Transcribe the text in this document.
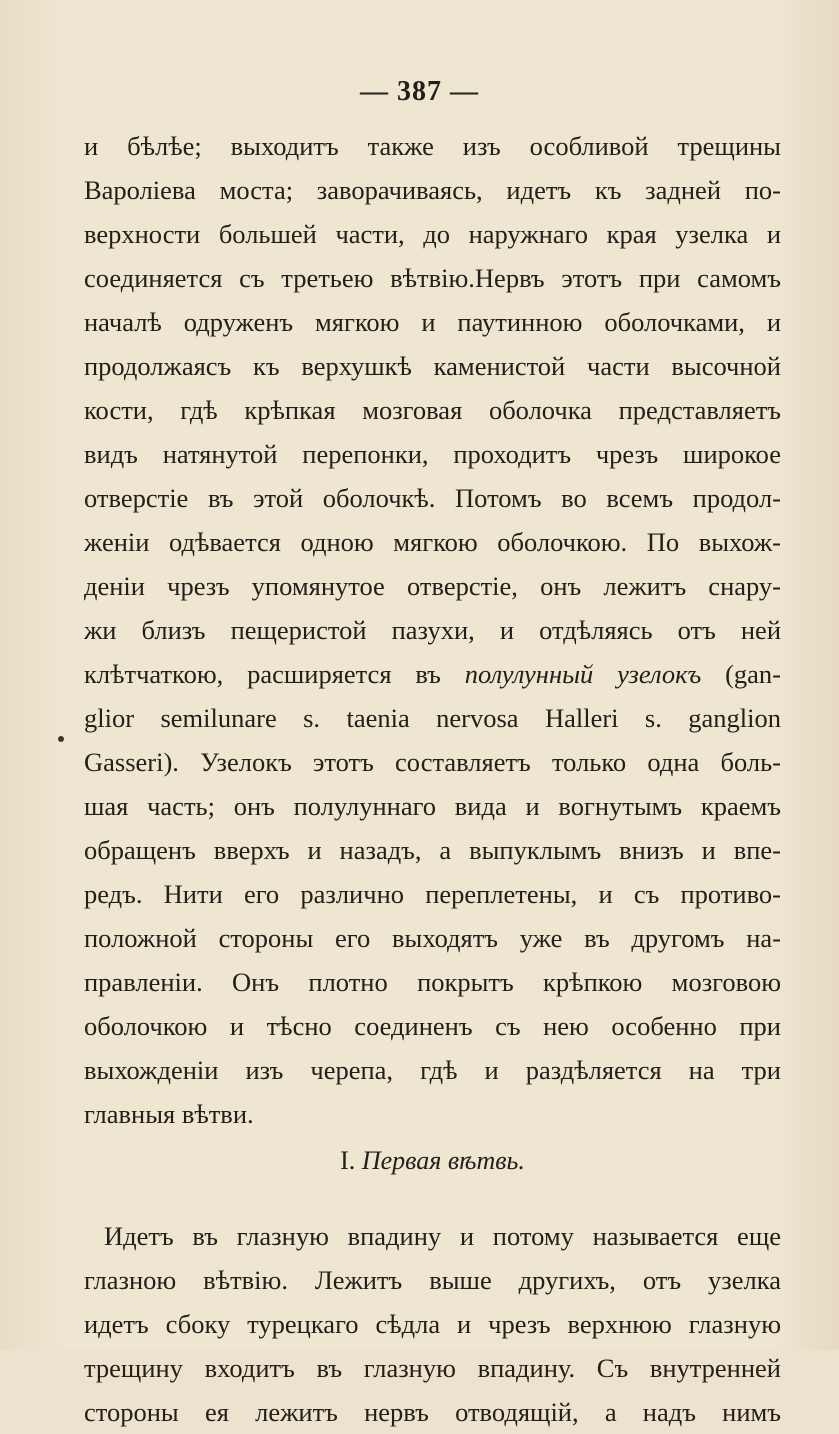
— 387 —
и бѣлѣе; выходитъ также изъ особливой трещины
Вароліева моста; заворачиваясь, идетъ къ задней по-
верхности большей части, до наружнаго края узелка и
соединяется съ третьею вѣтвію.Нервъ этотъ при самомъ
началѣ одруженъ мягкою и паутинною оболочками, и
продолжаясъ къ верхушкѣ каменистой части высочной
кости, гдѣ крѣпкая мозговая оболочка представляетъ
видъ натянутой перепонки, проходитъ чрезъ широкое
отверстіе въ этой оболочкѣ. Потомъ во всемъ продол-
женіи одѣвается одною мягкою оболочкою. По выхож-
деніи чрезъ упомянутое отверстіе, онъ лежитъ снару-
жи близъ пещеристой пазухи, и отдѣляясь отъ ней
клѣтчаткою, расширяется въ полулунный узелокъ (gan-
glior semilunare s. taenia nervosa Halleri s. ganglion
Gasseri). Узелокъ этотъ составляетъ только одна боль-
шая часть; онъ полулуннаго вида и вогнутымъ краемъ
обращенъ вверхъ и назадъ, а выпуклымъ внизъ и впе-
редъ. Нити его различно переплетены, и съ противо-
положной стороны его выходятъ уже въ другомъ на-
правленіи. Онъ плотно покрытъ крѣпкою мозговою
оболочкою и тѣсно соединенъ съ нею особенно при
выхожденіи изъ черепа, гдѣ и раздѣляется на три
главныя вѣтви.
I. Первая вѣтвь.
Идетъ въ глазную впадину и потому называется еще
глазною вѣтвію. Лежитъ выше другихъ, отъ узелка
идетъ сбоку турецкаго сѣдла и чрезъ верхнюю глазную
трещину входитъ въ глазную впадину. Съ внутренней
стороны ея лежитъ нервъ отводящій, а надъ нимъ
